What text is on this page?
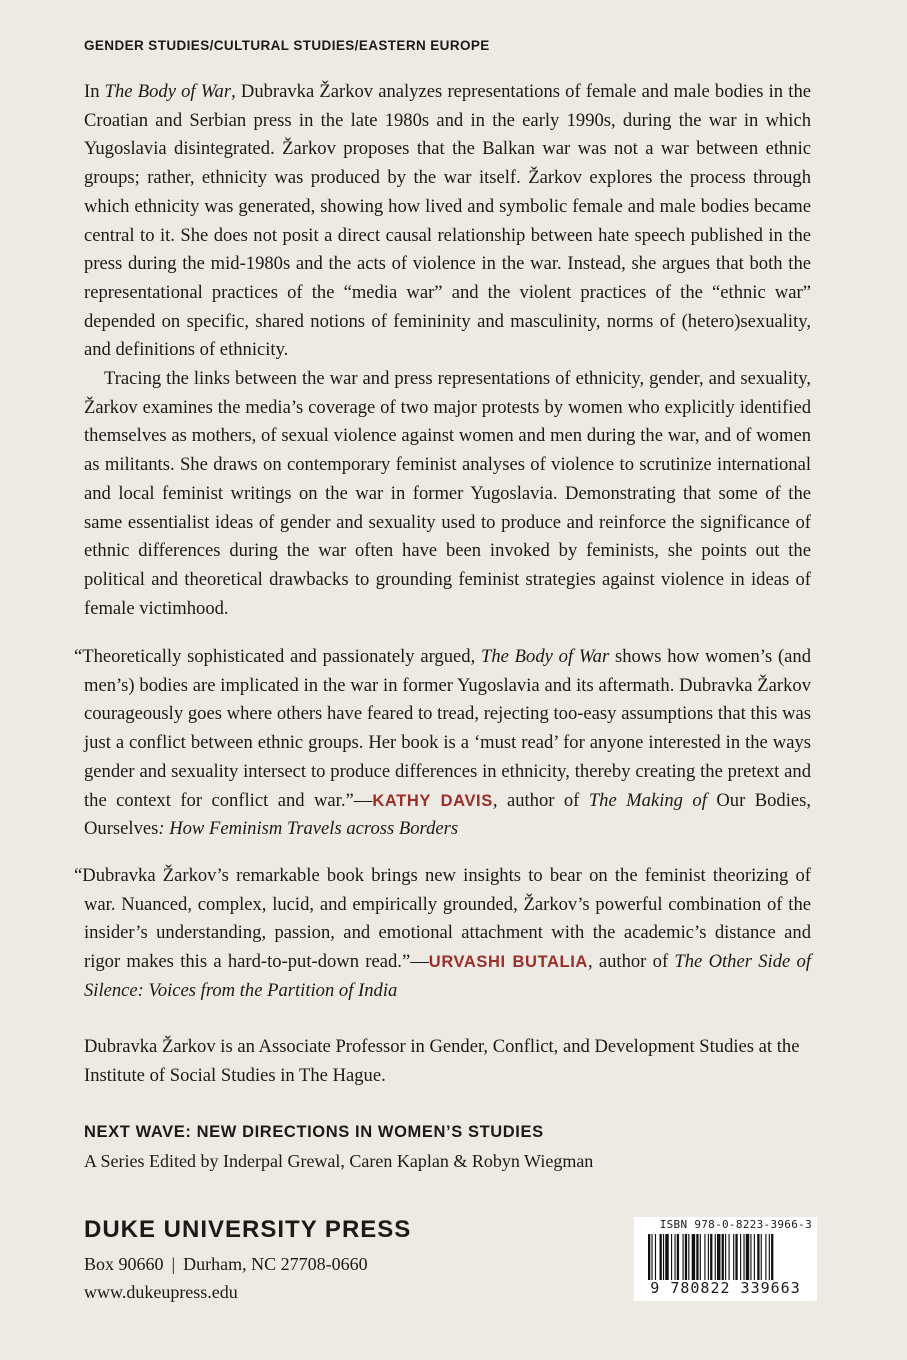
GENDER STUDIES/CULTURAL STUDIES/EASTERN EUROPE

In The Body of War, Dubravka Žarkov analyzes representations of female and male bodies in the Croatian and Serbian press in the late 1980s and in the early 1990s, during the war in which Yugoslavia disintegrated. Žarkov proposes that the Balkan war was not a war between ethnic groups; rather, ethnicity was produced by the war itself. Žarkov explores the process through which ethnicity was generated, showing how lived and symbolic female and male bodies became central to it. She does not posit a direct causal relationship between hate speech published in the press during the mid-1980s and the acts of violence in the war. Instead, she argues that both the representational practices of the “media war” and the violent practices of the “ethnic war” depended on specific, shared notions of femininity and masculinity, norms of (hetero)sexuality, and definitions of ethnicity.

Tracing the links between the war and press representations of ethnicity, gender, and sexuality, Žarkov examines the media’s coverage of two major protests by women who explicitly identified themselves as mothers, of sexual violence against women and men during the war, and of women as militants. She draws on contemporary feminist analyses of violence to scrutinize international and local feminist writings on the war in former Yugoslavia. Demonstrating that some of the same essentialist ideas of gender and sexuality used to produce and reinforce the significance of ethnic differences during the war often have been invoked by feminists, she points out the political and theoretical drawbacks to grounding feminist strategies against violence in ideas of female victimhood.

“Theoretically sophisticated and passionately argued, The Body of War shows how women’s (and men’s) bodies are implicated in the war in former Yugoslavia and its aftermath. Dubravka Žarkov courageously goes where others have feared to tread, rejecting too-easy assumptions that this was just a conflict between ethnic groups. Her book is a ‘must read’ for anyone interested in the ways gender and sexuality intersect to produce differences in ethnicity, thereby creating the pretext and the context for conflict and war.”—KATHY DAVIS, author of The Making of Our Bodies, Ourselves: How Feminism Travels across Borders
“Dubravka Žarkov’s remarkable book brings new insights to bear on the feminist theorizing of war. Nuanced, complex, lucid, and empirically grounded, Žarkov’s powerful combination of the insider’s understanding, passion, and emotional attachment with the academic’s distance and rigor makes this a hard-to-put-down read.”—URVASHI BUTALIA, author of The Other Side of Silence: Voices from the Partition of India
Dubravka Žarkov is an Associate Professor in Gender, Conflict, and Development Studies at the Institute of Social Studies in The Hague.
NEXT WAVE: NEW DIRECTIONS IN WOMEN’S STUDIES
A Series Edited by Inderpal Grewal, Caren Kaplan & Robyn Wiegman
DUKE UNIVERSITY PRESS
Box 90660 | Durham, NC 27708-0660
www.dukeupress.edu
ISBN 978-0-8223-3966-3
9 780822 339663
